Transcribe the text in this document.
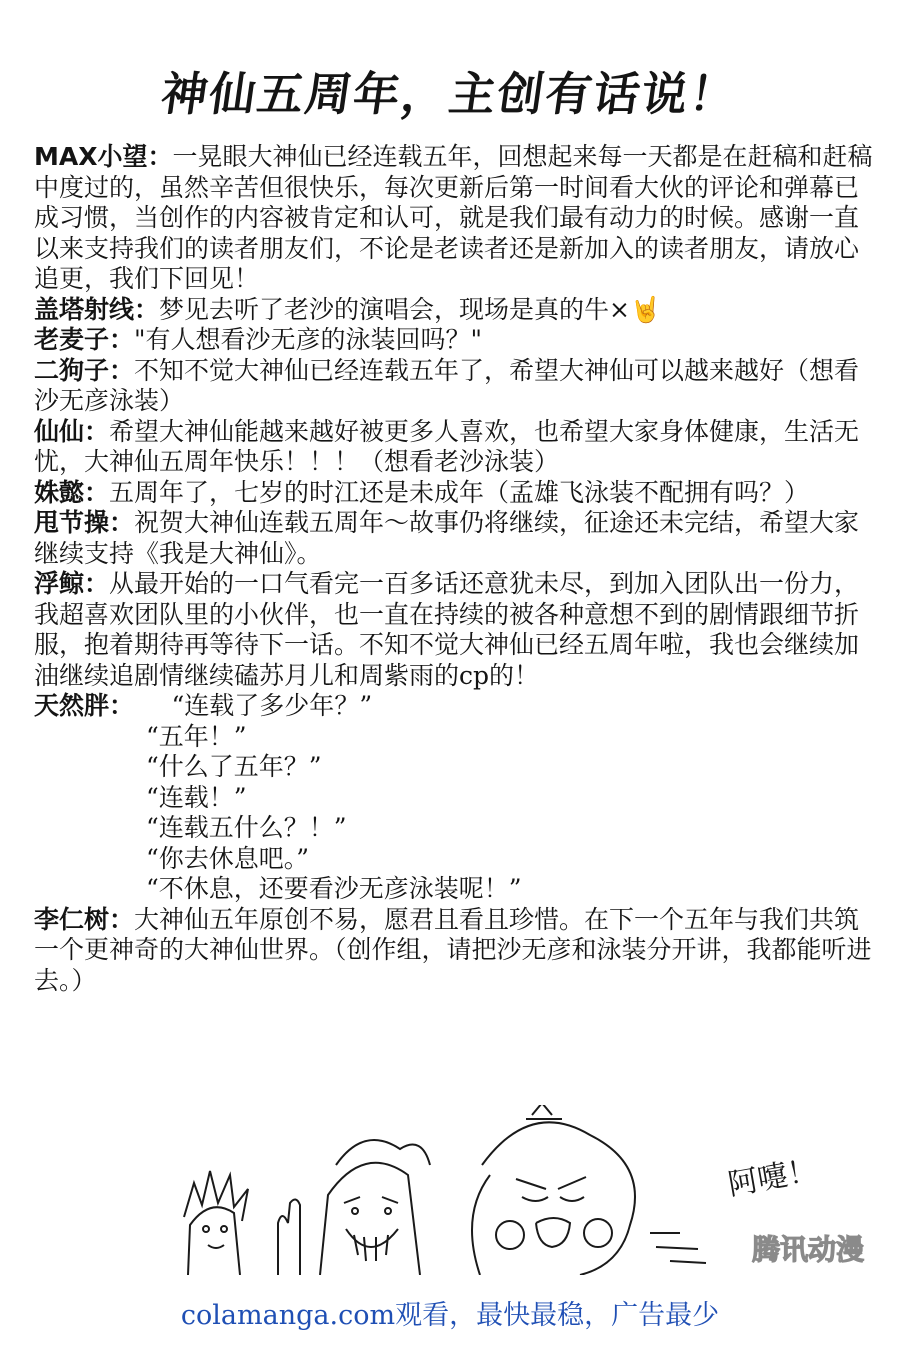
神仙五周年，主创有话说！

MAX小望：一晃眼大神仙已经连载五年，回想起来每一天都是在赶稿和赶稿中度过的，虽然辛苦但很快乐，每次更新后第一时间看大伙的评论和弹幕已成习惯，当创作的内容被肯定和认可，就是我们最有动力的时候。感谢一直以来支持我们的读者朋友们，不论是老读者还是新加入的读者朋友，请放心追更，我们下回见！

盖塔射线：梦见去听了老沙的演唱会，现场是真的牛×🤘

老麦子："有人想看沙无彦的泳装回吗？"

二狗子：不知不觉大神仙已经连载五年了，希望大神仙可以越来越好（想看沙无彦泳装）

仙仙：希望大神仙能越来越好被更多人喜欢，也希望大家身体健康，生活无忧，大神仙五周年快乐！！！（想看老沙泳装）

姝懿：五周年了，七岁的时江还是未成年（孟雄飞泳装不配拥有吗？）

甩节操：祝贺大神仙连载五周年～故事仍将继续，征途还未完结，希望大家继续支持《我是大神仙》。

浮鲸：从最开始的一口气看完一百多话还意犹未尽，到加入团队出一份力，我超喜欢团队里的小伙伴，也一直在持续的被各种意想不到的剧情跟细节折服，抱着期待再等待下一话。不知不觉大神仙已经五周年啦，我也会继续加油继续追剧情继续磕苏月儿和周紫雨的cp的！

天然胖：　　 “连载了多少年？”

“五年！”

“什么了五年？”

“连载！”

“连载五什么？！”

“你去休息吧。”

“不休息，还要看沙无彦泳装呢！”

李仁树：大神仙五年原创不易，愿君且看且珍惜。在下一个五年与我们共筑一个更神奇的大神仙世界。（创作组，请把沙无彦和泳装分开讲，我都能听进去。）

阿嚏！
腾讯动漫
colamanga.com观看，最快最稳，广告最少
